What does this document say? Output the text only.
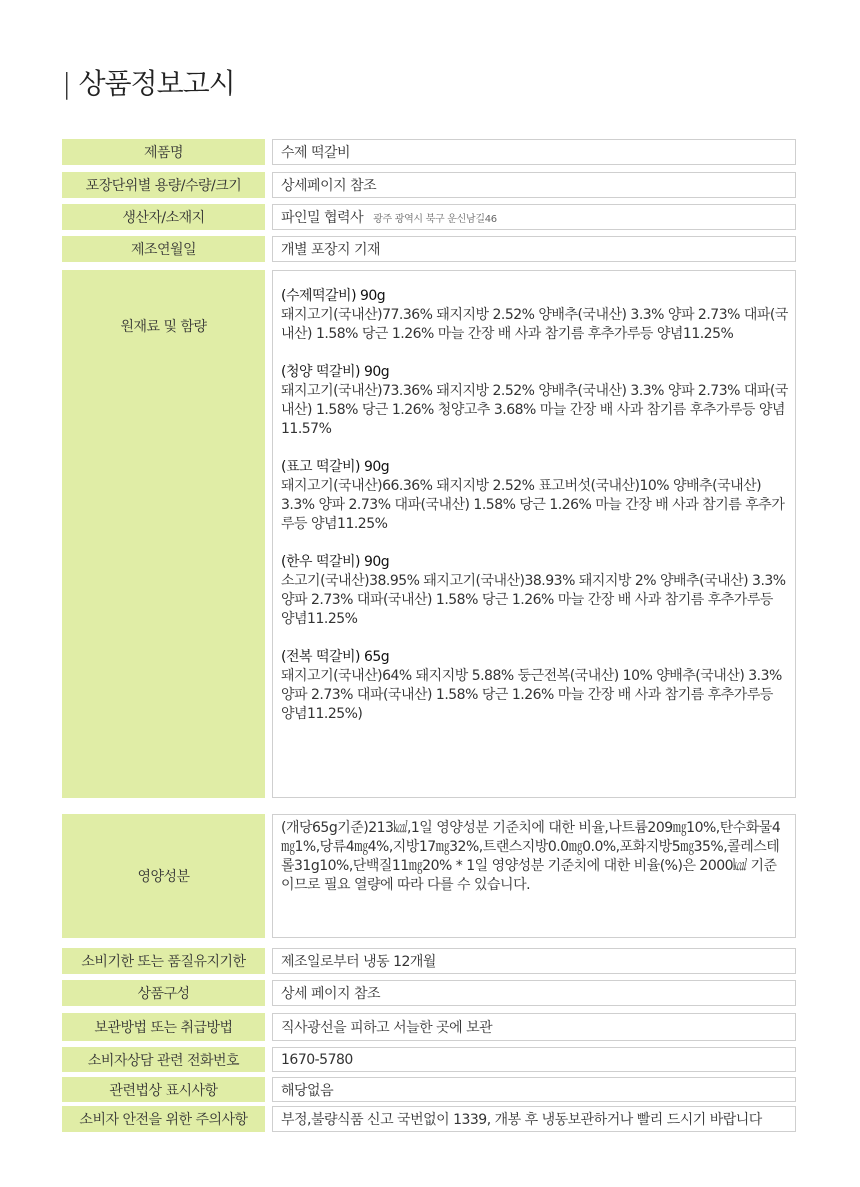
| 상품정보고시
제품명	수제 떡갈비
포장단위별 용량/수량/크기	상세페이지 참조
생산자/소재지	파인밀 협력사 광주 광역시 북구 운신남길46
제조연월일	개별 포장지 기재
원재료 및 함량
(수제떡갈비) 90g
돼지고기(국내산)77.36% 돼지지방 2.52% 양배추(국내산) 3.3% 양파 2.73% 대파(국내산) 1.58% 당근 1.26% 마늘 간장 배 사과 참기름 후추가루등 양념11.25%
(청양 떡갈비) 90g
돼지고기(국내산)73.36% 돼지지방 2.52% 양배추(국내산) 3.3% 양파 2.73% 대파(국내산) 1.58% 당근 1.26% 청양고추 3.68% 마늘 간장 배 사과 참기름 후추가루등 양념11.57%
(표고 떡갈비) 90g
돼지고기(국내산)66.36% 돼지지방 2.52% 표고버섯(국내산)10% 양배추(국내산) 3.3% 양파 2.73% 대파(국내산) 1.58% 당근 1.26% 마늘 간장 배 사과 참기름 후추가루등 양념11.25%
(한우 떡갈비) 90g
소고기(국내산)38.95% 돼지고기(국내산)38.93% 돼지지방 2% 양배추(국내산) 3.3% 양파 2.73% 대파(국내산) 1.58% 당근 1.26% 마늘 간장 배 사과 참기름 후추가루등 양념11.25%
(전복 떡갈비) 65g
돼지고기(국내산)64% 돼지지방 5.88% 둥근전복(국내산) 10% 양배추(국내산) 3.3% 양파 2.73% 대파(국내산) 1.58% 당근 1.26% 마늘 간장 배 사과 참기름 후추가루등 양념11.25%)
영양성분
(개당65g기준)213㎉,1일 영양성분 기준치에 대한 비율,나트륨209㎎10%,탄수화물4㎎1%,당류4㎎4%,지방17㎎32%,트랜스지방0.0㎎0.0%,포화지방5㎎35%,콜레스테롤31g10%,단백질11㎎20% * 1일 영양성분 기준치에 대한 비율(%)은 2000㎉ 기준이므로 필요 열량에 따라 다를 수 있습니다.
소비기한 또는 품질유지기한	제조일로부터 냉동 12개월
상품구성	상세 페이지 참조
보관방법 또는 취급방법	직사광선을 피하고 서늘한 곳에 보관
소비자상담 관련 전화번호	1670-5780
관련법상 표시사항	해당없음
소비자 안전을 위한 주의사항	부정,불량식품 신고 국번없이 1339, 개봉 후 냉동보관하거나 빨리 드시기 바랍니다
